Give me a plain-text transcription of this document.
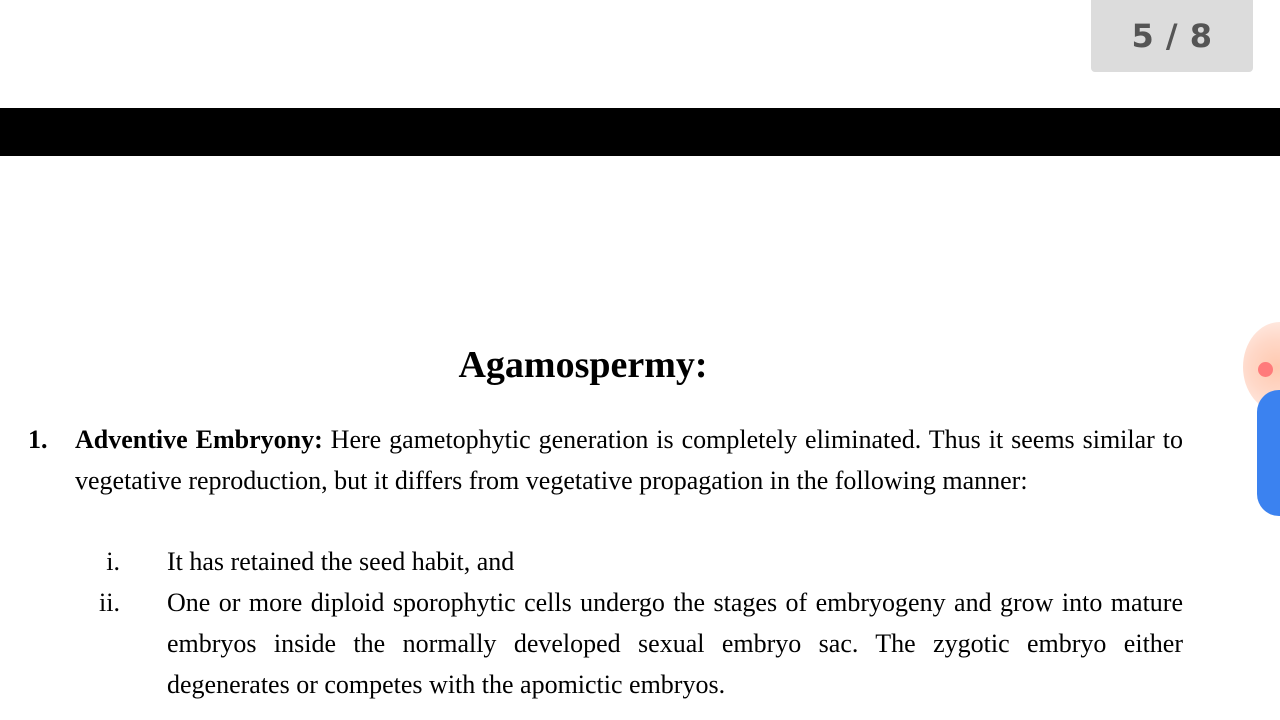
5 / 8
Agamospermy:
1. Adventive Embryony: Here gametophytic generation is completely eliminated. Thus it seems similar to vegetative reproduction, but it differs from vegetative propagation in the following manner:

i. It has retained the seed habit, and

ii. One or more diploid sporophytic cells undergo the stages of embryogeny and grow into mature embryos inside the normally developed sexual embryo sac. The zygotic embryo either degenerates or competes with the apomictic embryos.
